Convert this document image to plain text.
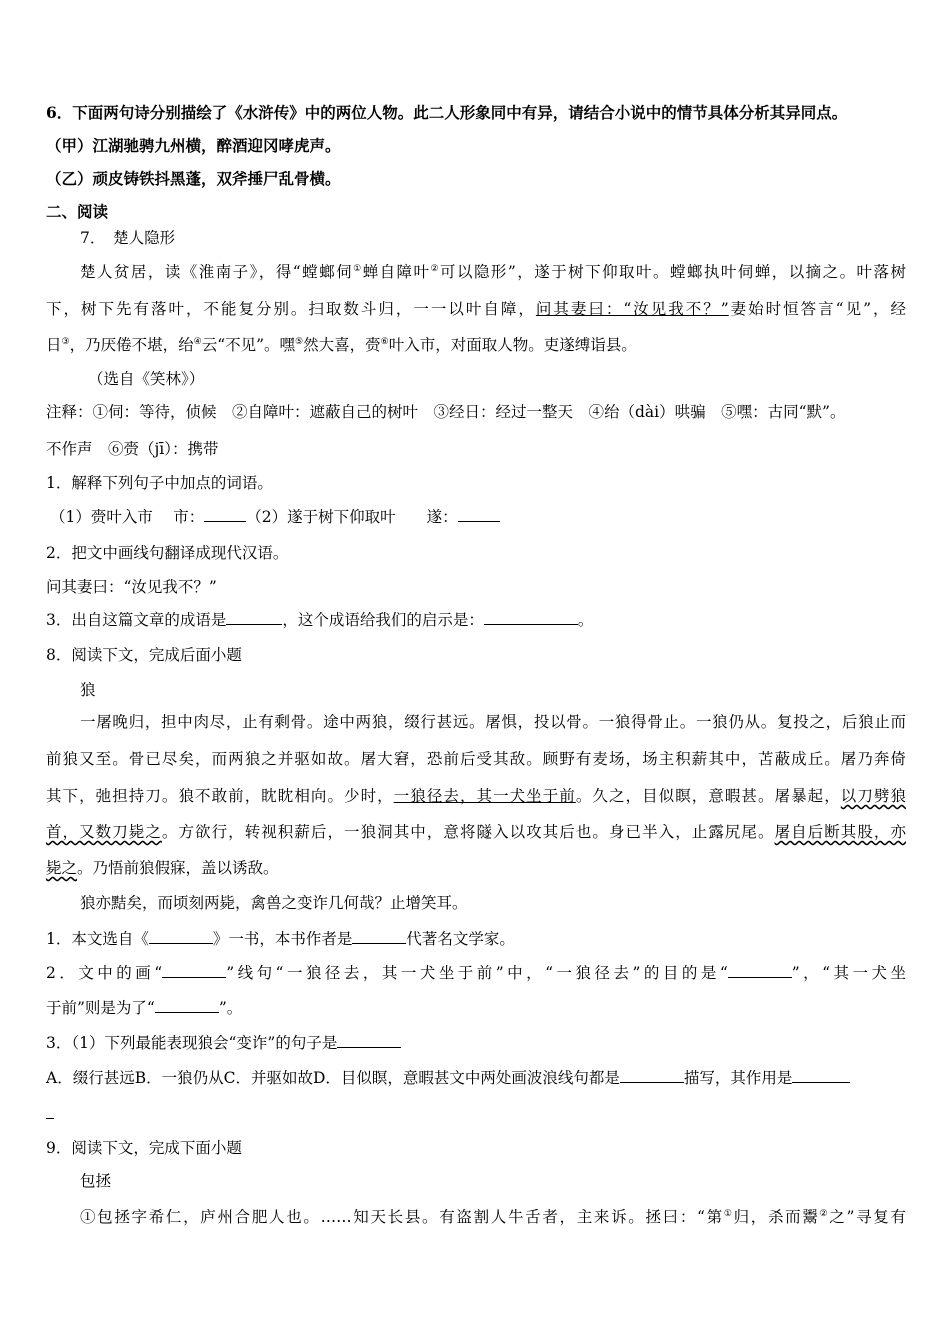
6．下面两句诗分别描绘了《水浒传》中的两位人物。此二人形象同中有异，请结合小说中的情节具体分析其异同点。
（甲）江湖驰骋九州横，醉酒迎冈哮虎声。
（乙）顽皮铸铁抖黑蓬，双斧捶尸乱骨横。
二、阅读
7．　楚人隐形
楚人贫居，读《淮南子》，得“螳螂伺①蝉自障叶②可以隐形”，遂于树下仰取叶。螳螂执叶伺蝉，以摘之。叶落树
下，树下先有落叶，不能复分别。扫取数斗归，一一以叶自障，问其妻曰：“汝见我不？”妻始时恒答言“见”，经
日③，乃厌倦不堪，绐④云“不见”。嘿⑤然大喜，赍⑥叶入市，对面取人物。吏遂缚诣县。
（选自《笑林》）
注释：①伺：等待，侦候　②自障叶：遮蔽自己的树叶　③经日：经过一整天　④绐（dài）哄骗　⑤嘿：古同“默”。
不作声　⑥赍（jī）：携带
1．解释下列句子中加点的词语。
（1）赍叶入市　 市：	（2）遂于树下仰取叶　　遂：
2．把文中画线句翻译成现代汉语。
问其妻曰：“汝见我不？”
3．出自这篇文章的成语是	，这个成语给我们的启示是：	。
8．阅读下文，完成后面小题
狼
一屠晚归，担中肉尽，止有剩骨。途中两狼，缀行甚远。屠惧，投以骨。一狼得骨止。一狼仍从。复投之，后狼止而
前狼又至。骨已尽矣，而两狼之并驱如故。屠大窘，恐前后受其敌。顾野有麦场，场主积薪其中，苫蔽成丘。屠乃奔倚
其下，弛担持刀。狼不敢前，眈眈相向。少时，一狼径去，其一犬坐于前。久之，目似瞑，意暇甚。屠暴起，以刀劈狼
首，又数刀毙之。方欲行，转视积薪后，一狼洞其中，意将隧入以攻其后也。身已半入，止露尻尾。屠自后断其股，亦
毙之。乃悟前狼假寐，盖以诱敌。
狼亦黠矣，而顷刻两毙，禽兽之变诈几何哉？止增笑耳。
1．本文选自《	》一书，本书作者是	代著名文学家。
2．文中的画“	”线句“一狼径去，其一犬坐于前”中，“一狼径去”的目的是“	”，“其一犬坐
于前”则是为了“	”。
3．（1）下列最能表现狼会“变诈”的句子是
A．缀行甚远B．一狼仍从C．并驱如故D．目似瞑，意暇甚文中两处画波浪线句都是	描写，其作用是
9．阅读下文，完成下面小题
包拯
①包拯字希仁，庐州合肥人也。……知天长县。有盗割人牛舌者，主来诉。拯曰：“第①归，杀而鬻②之”寻复有
